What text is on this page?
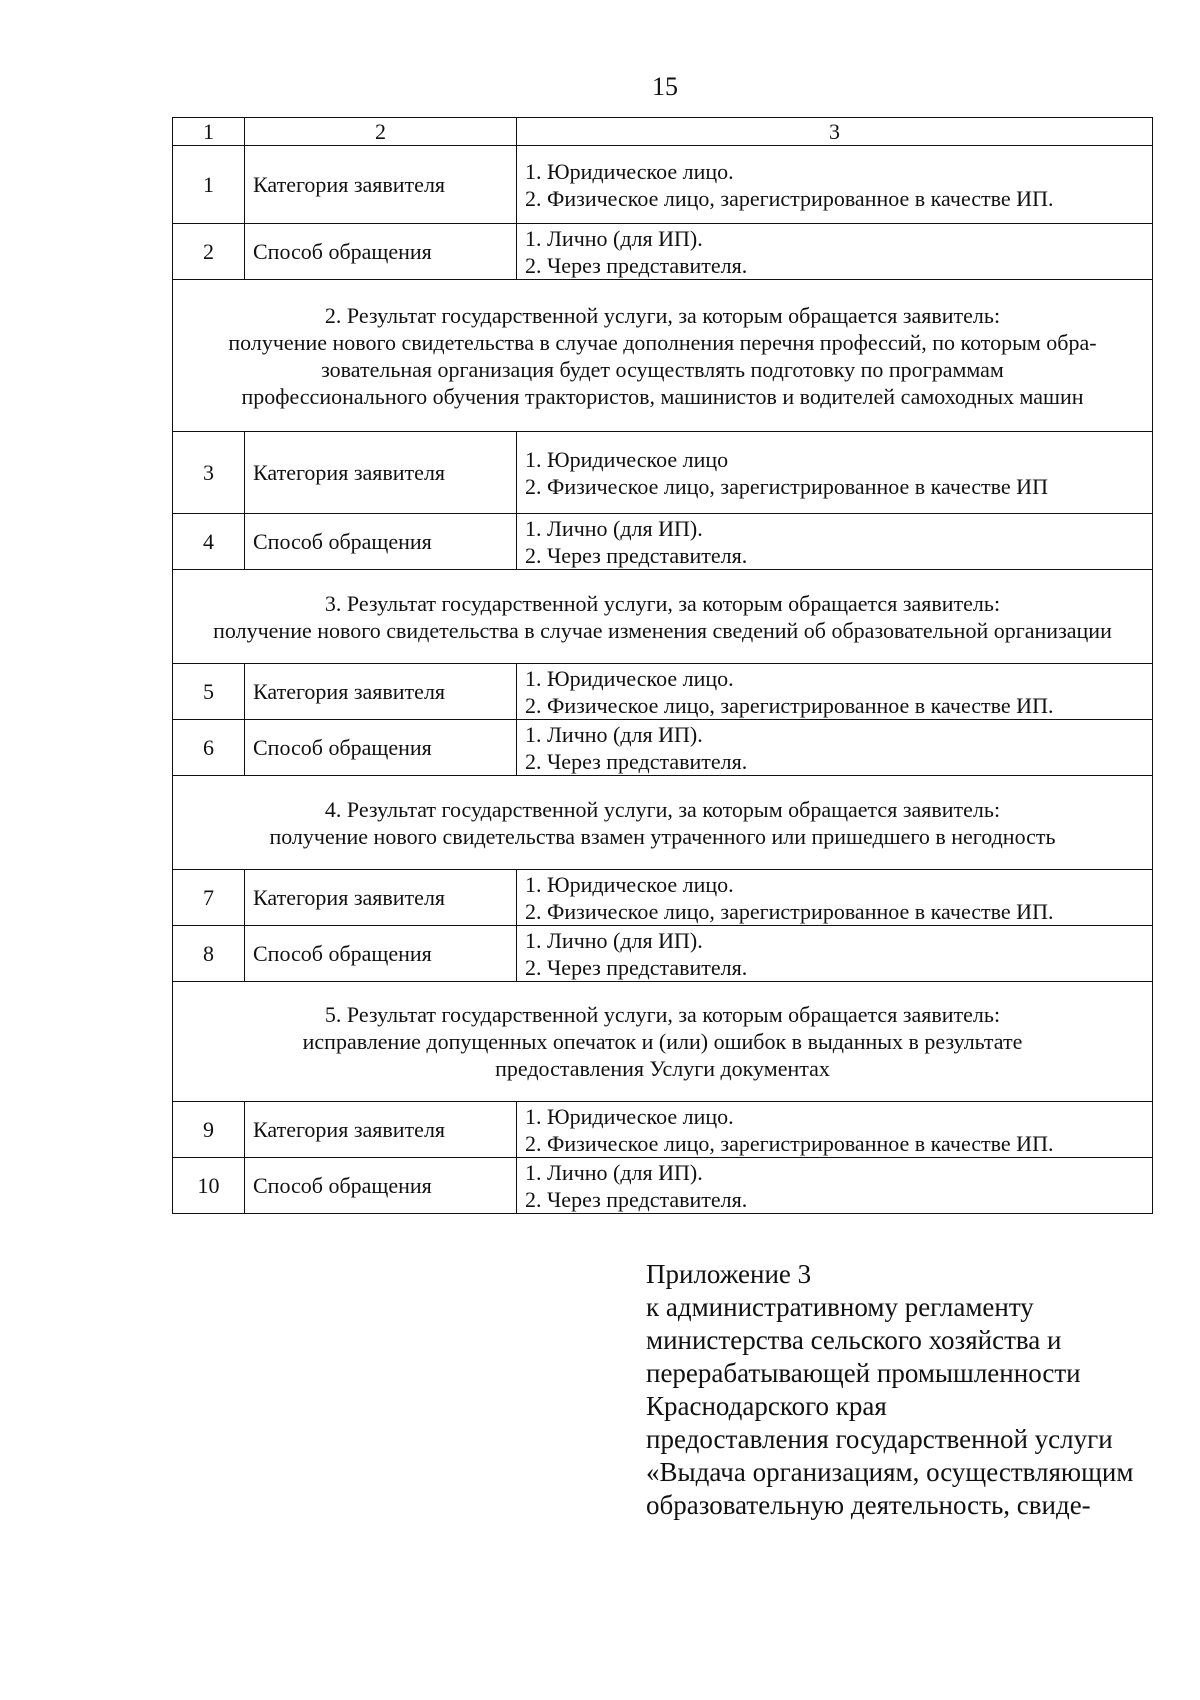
15
1	2	3
1	Категория заявителя	1. Юридическое лицо.
2. Физическое лицо, зарегистрированное в качестве ИП.

2	Способ обращения	1. Лично (для ИП).
2. Через представителя.

2. Результат государственной услуги, за которым обращается заявитель:
получение нового свидетельства в случае дополнения перечня профессий, по которым обра-
зовательная организация будет осуществлять подготовку по программам
профессионального обучения трактористов, машинистов и водителей самоходных машин		

3	Категория заявителя	1. Юридическое лицо
2. Физическое лицо, зарегистрированное в качестве ИП

4	Способ обращения	1. Лично (для ИП).
2. Через представителя.

3. Результат государственной услуги, за которым обращается заявитель:
получение нового свидетельства в случае изменения сведений об образовательной организации		

5	Категория заявителя	1. Юридическое лицо.
2. Физическое лицо, зарегистрированное в качестве ИП.

6	Способ обращения	1. Лично (для ИП).
2. Через представителя.

4. Результат государственной услуги, за которым обращается заявитель:
получение нового свидетельства взамен утраченного или пришедшего в негодность		

7	Категория заявителя	1. Юридическое лицо.
2. Физическое лицо, зарегистрированное в качестве ИП.

8	Способ обращения	1. Лично (для ИП).
2. Через представителя.

5. Результат государственной услуги, за которым обращается заявитель:
исправление допущенных опечаток и (или) ошибок в выданных в результате
предоставления Услуги документах		

9	Категория заявителя	1. Юридическое лицо.
2. Физическое лицо, зарегистрированное в качестве ИП.

10	Способ обращения	1. Лично (для ИП).
2. Через представителя.
Приложение 3
к административному регламенту
министерства сельского хозяйства и
перерабатывающей промышленности
Краснодарского края
предоставления государственной услуги
«Выдача организациям, осуществляющим
образовательную деятельность, свиде-
